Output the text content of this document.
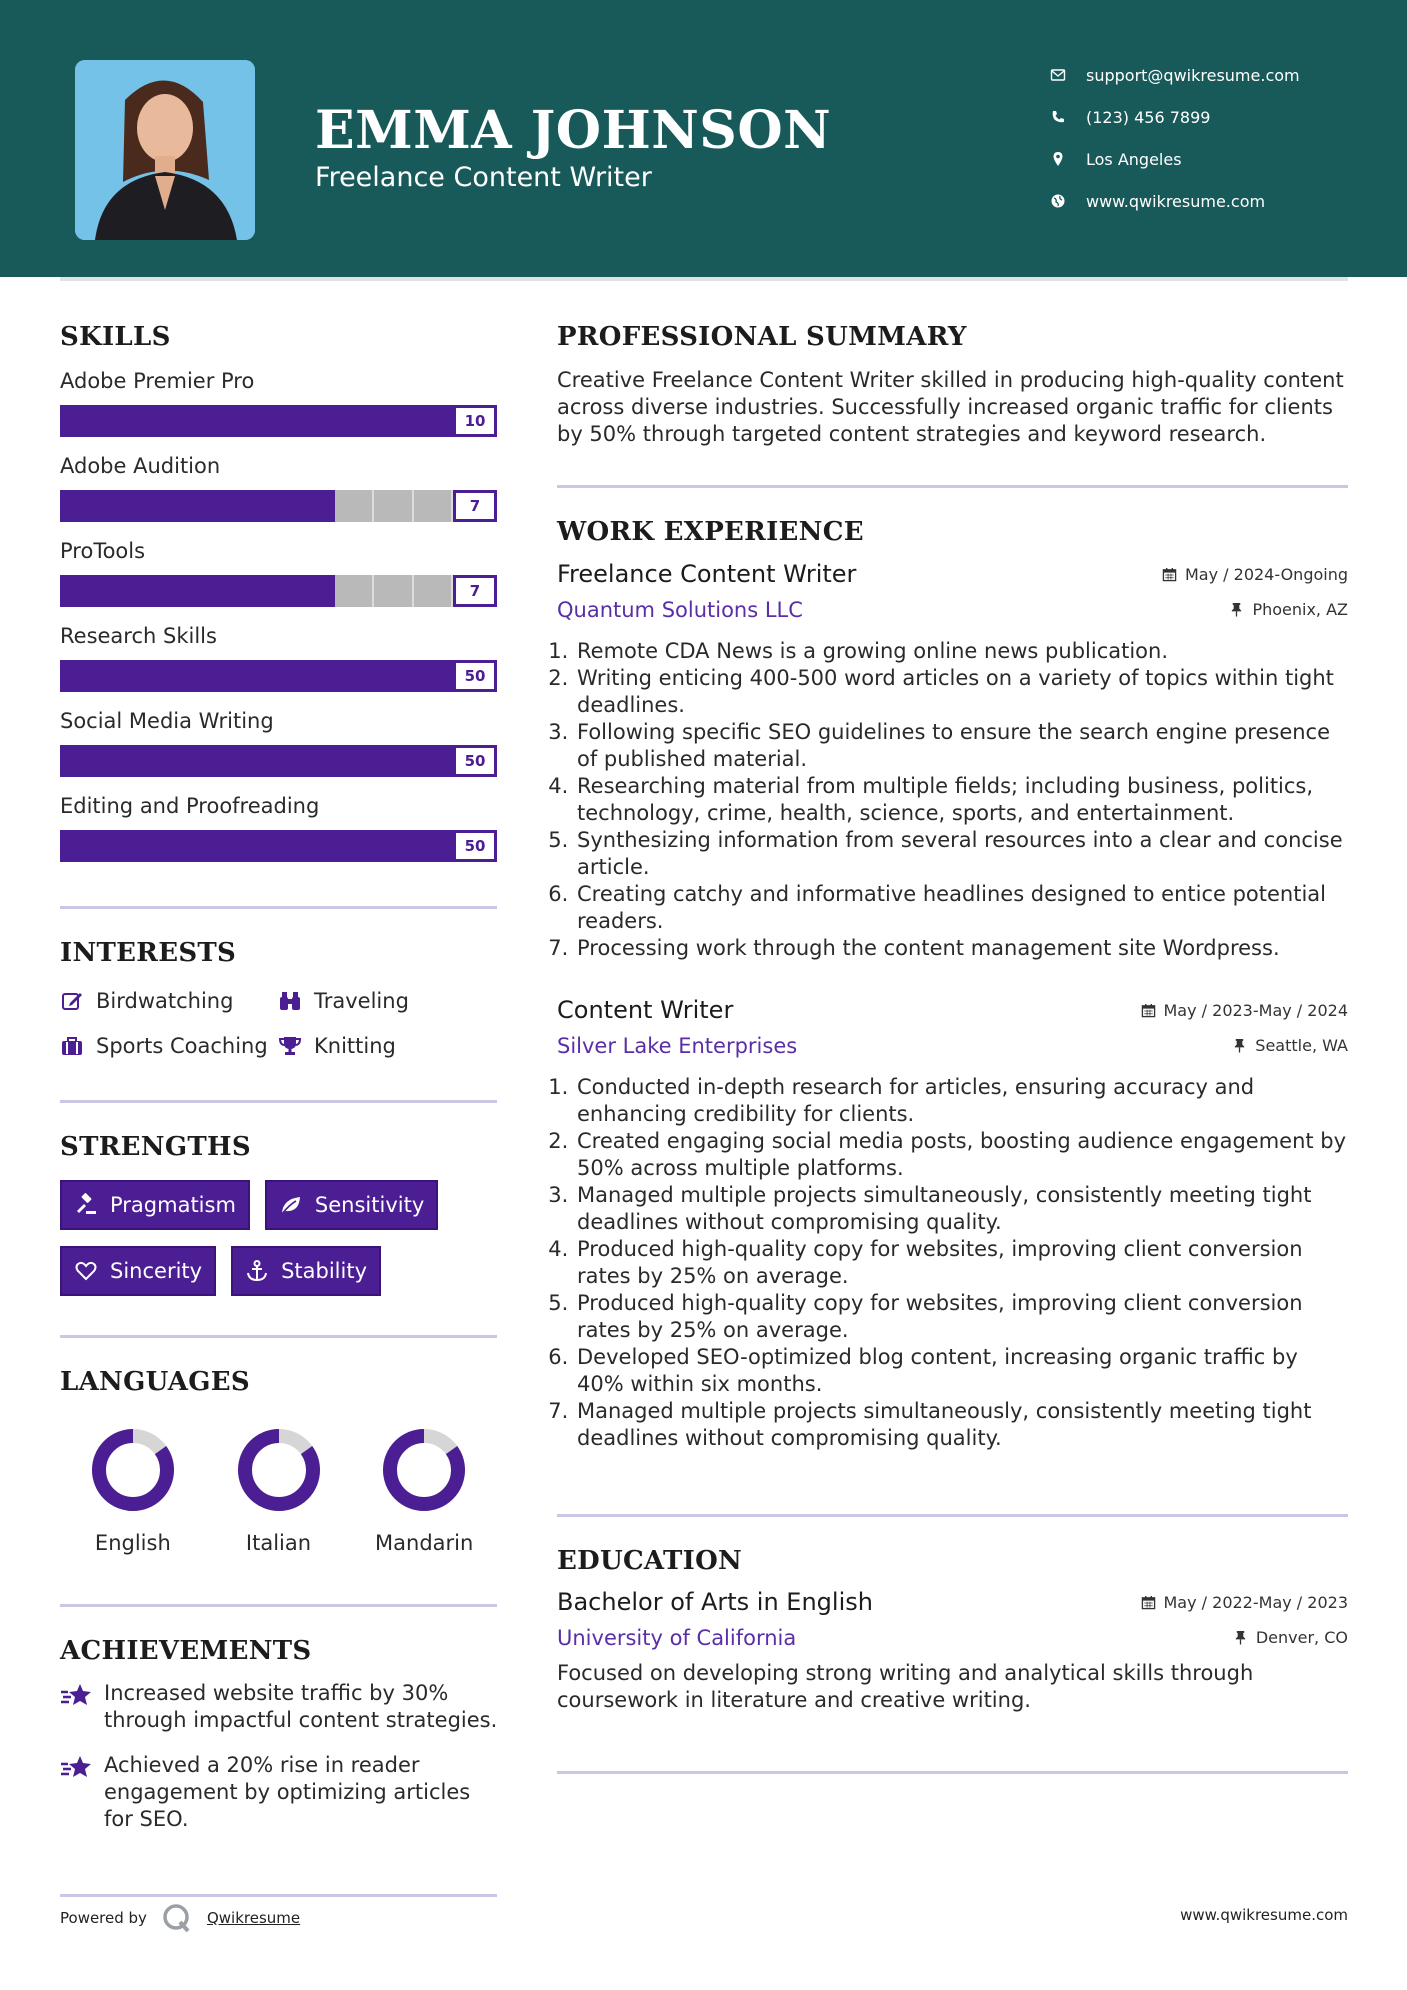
EMMA JOHNSON
Freelance Content Writer
support@qwikresume.com
(123) 456 7899
Los Angeles
www.qwikresume.com
SKILLS
Adobe Premier Pro
10
Adobe Audition
7
ProTools
7
Research Skills
50
Social Media Writing
50
Editing and Proofreading
50
INTERESTS
Birdwatching	Traveling
Sports Coaching Knitting
STRENGTHS
Pragmatism	Sensitivity
Sincerity	Stability
LANGUAGES
English	Italian	Mandarin
ACHIEVEMENTS
Increased website traffic by 30% through impactful content strategies.
Achieved a 20% rise in reader engagement by optimizing articles for SEO.
Powered by	Qwikresume	www.qwikresume.com
PROFESSIONAL SUMMARY
Creative Freelance Content Writer skilled in producing high-quality content across diverse industries. Successfully increased organic traffic for clients by 50% through targeted content strategies and keyword research.
WORK EXPERIENCE
Freelance Content Writer	May / 2024-Ongoing
Quantum Solutions LLC	Phoenix, AZ
1. Remote CDA News is a growing online news publication.
2. Writing enticing 400-500 word articles on a variety of topics within tight deadlines.
3. Following specific SEO guidelines to ensure the search engine presence of published material.
4. Researching material from multiple fields; including business, politics, technology, crime, health, science, sports, and entertainment.
5. Synthesizing information from several resources into a clear and concise article.
6. Creating catchy and informative headlines designed to entice potential readers.
7. Processing work through the content management site Wordpress.
Content Writer	May / 2023-May / 2024
Silver Lake Enterprises	Seattle, WA
1. Conducted in-depth research for articles, ensuring accuracy and enhancing credibility for clients.
2. Created engaging social media posts, boosting audience engagement by 50% across multiple platforms.
3. Managed multiple projects simultaneously, consistently meeting tight deadlines without compromising quality.
4. Produced high-quality copy for websites, improving client conversion rates by 25% on average.
5. Produced high-quality copy for websites, improving client conversion rates by 25% on average.
6. Developed SEO-optimized blog content, increasing organic traffic by 40% within six months.
7. Managed multiple projects simultaneously, consistently meeting tight deadlines without compromising quality.
EDUCATION
Bachelor of Arts in English	May / 2022-May / 2023
University of California	Denver, CO
Focused on developing strong writing and analytical skills through coursework in literature and creative writing.
